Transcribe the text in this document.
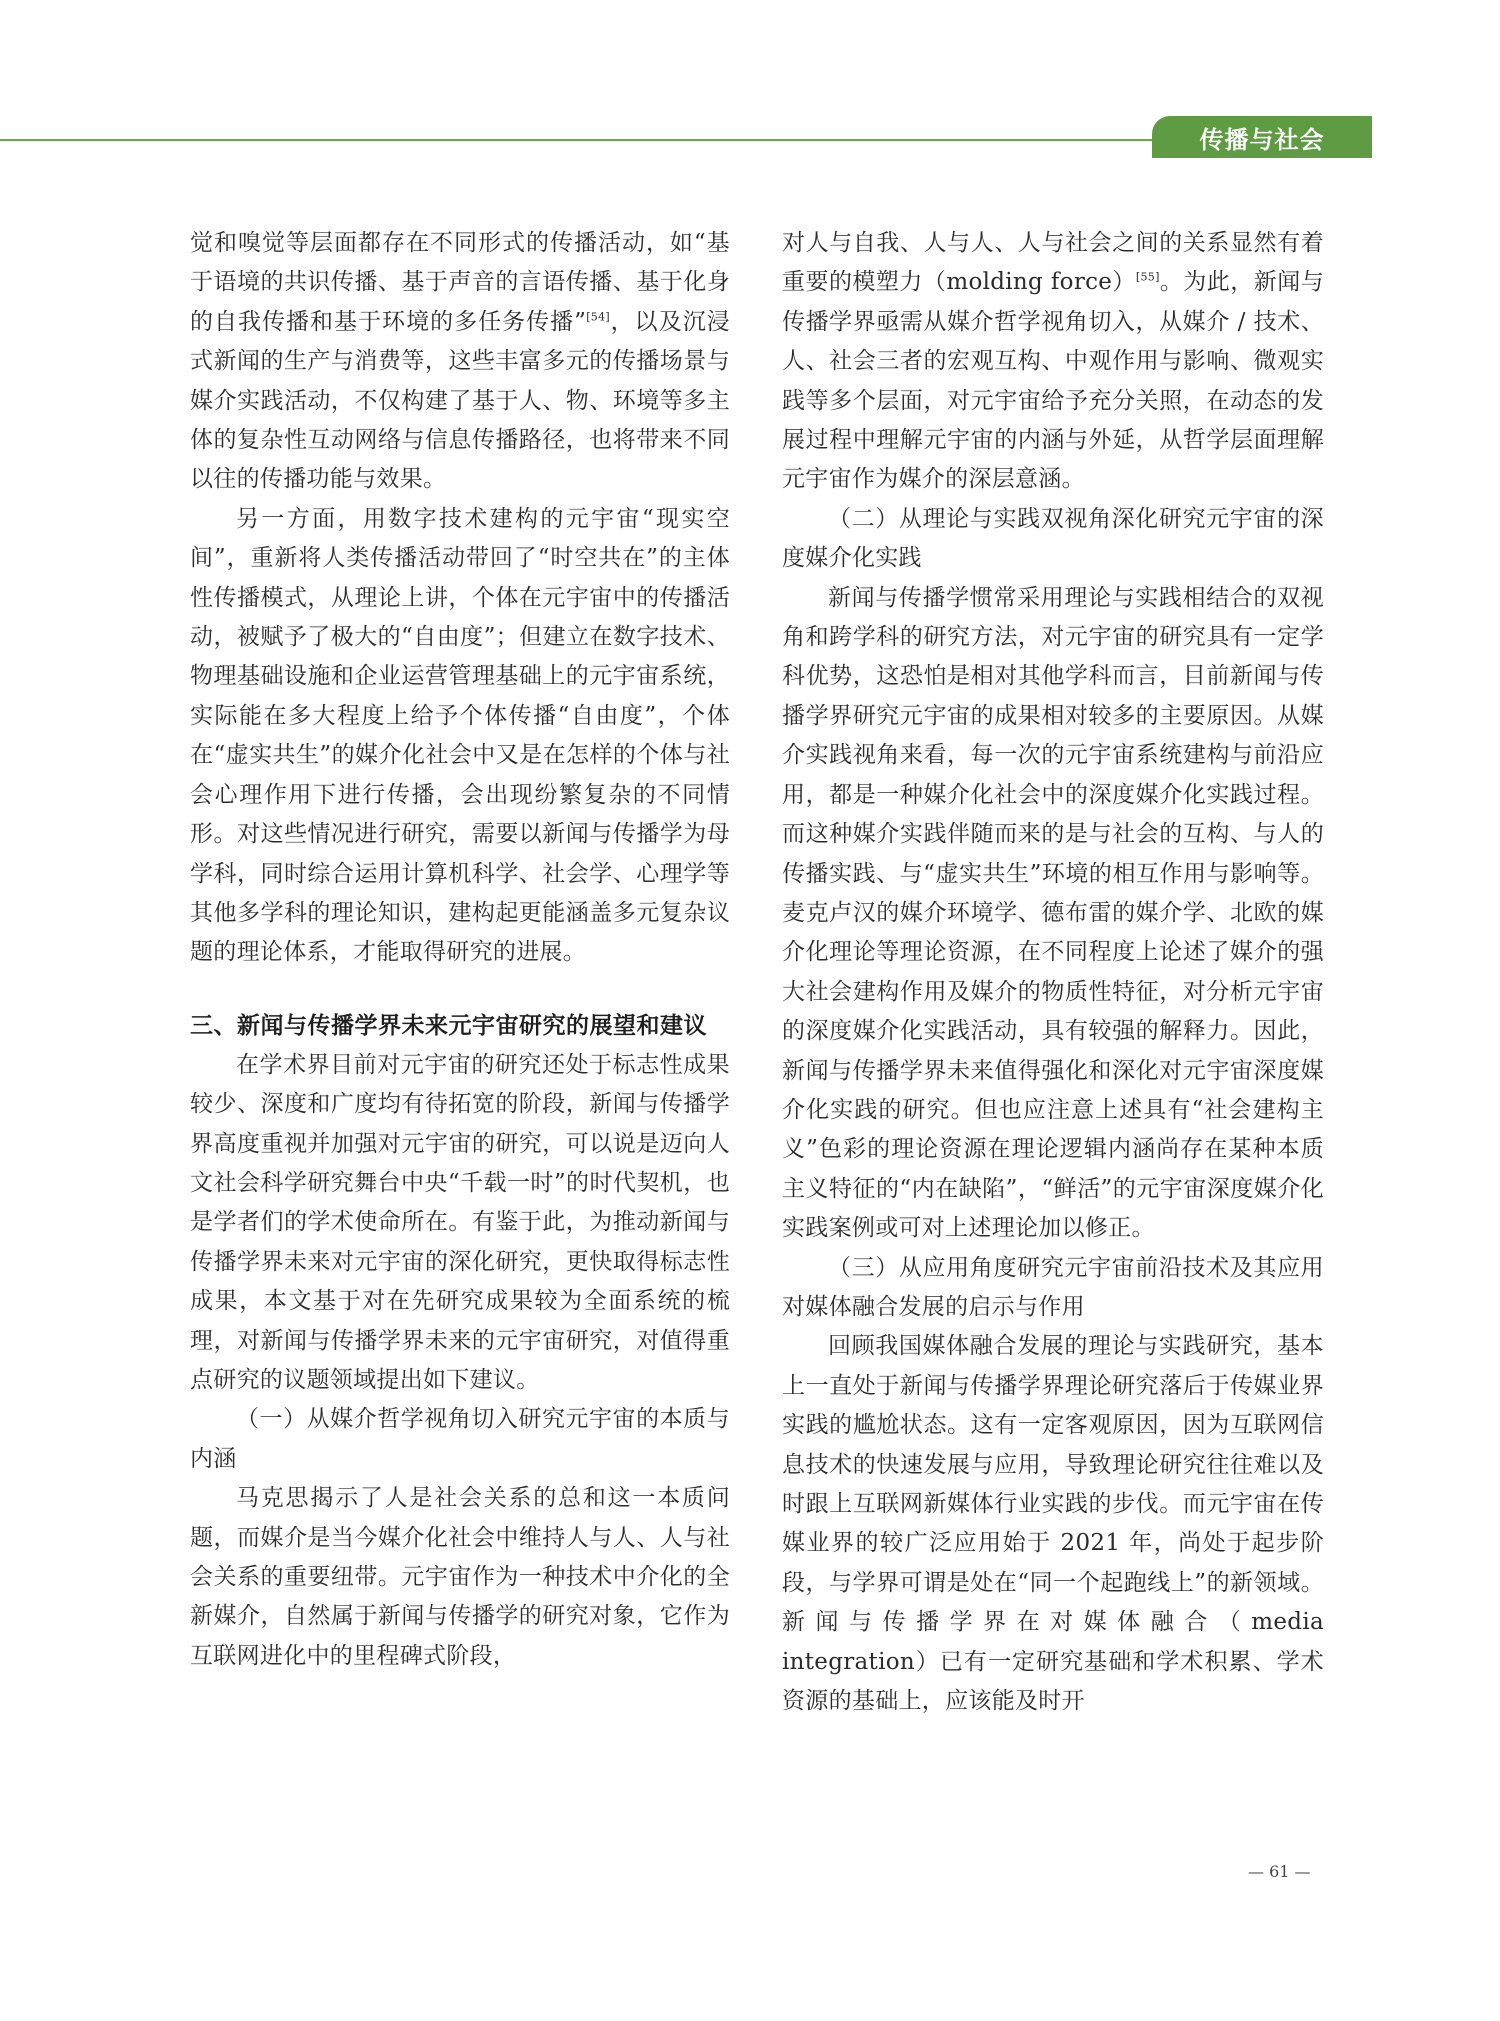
传播与社会

觉和嗅觉等层面都存在不同形式的传播活动，如“基于语境的共识传播、基于声音的言语传播、基于化身的自我传播和基于环境的多任务传播”[54]，以及沉浸式新闻的生产与消费等，这些丰富多元的传播场景与媒介实践活动，不仅构建了基于人、物、环境等多主体的复杂性互动网络与信息传播路径，也将带来不同以往的传播功能与效果。

另一方面，用数字技术建构的元宇宙“现实空间”，重新将人类传播活动带回了“时空共在”的主体性传播模式，从理论上讲，个体在元宇宙中的传播活动，被赋予了极大的“自由度”；但建立在数字技术、物理基础设施和企业运营管理基础上的元宇宙系统，实际能在多大程度上给予个体传播“自由度”，个体在“虚实共生”的媒介化社会中又是在怎样的个体与社会心理作用下进行传播，会出现纷繁复杂的不同情形。对这些情况进行研究，需要以新闻与传播学为母学科，同时综合运用计算机科学、社会学、心理学等其他多学科的理论知识，建构起更能涵盖多元复杂议题的理论体系，才能取得研究的进展。

三、新闻与传播学界未来元宇宙研究的展望和建议

在学术界目前对元宇宙的研究还处于标志性成果较少、深度和广度均有待拓宽的阶段，新闻与传播学界高度重视并加强对元宇宙的研究，可以说是迈向人文社会科学研究舞台中央“千载一时”的时代契机，也是学者们的学术使命所在。有鉴于此，为推动新闻与传播学界未来对元宇宙的深化研究，更快取得标志性成果，本文基于对在先研究成果较为全面系统的梳理，对新闻与传播学界未来的元宇宙研究，对值得重点研究的议题领域提出如下建议。

（一）从媒介哲学视角切入研究元宇宙的本质与内涵

马克思揭示了人是社会关系的总和这一本质问题，而媒介是当今媒介化社会中维持人与人、人与社会关系的重要纽带。元宇宙作为一种技术中介化的全新媒介，自然属于新闻与传播学的研究对象，它作为互联网进化中的里程碑式阶段，

对人与自我、人与人、人与社会之间的关系显然有着重要的模塑力（molding force）[55]。为此，新闻与传播学界亟需从媒介哲学视角切入，从媒介 / 技术、人、社会三者的宏观互构、中观作用与影响、微观实践等多个层面，对元宇宙给予充分关照，在动态的发展过程中理解元宇宙的内涵与外延，从哲学层面理解元宇宙作为媒介的深层意涵。

（二）从理论与实践双视角深化研究元宇宙的深度媒介化实践

新闻与传播学惯常采用理论与实践相结合的双视角和跨学科的研究方法，对元宇宙的研究具有一定学科优势，这恐怕是相对其他学科而言，目前新闻与传播学界研究元宇宙的成果相对较多的主要原因。从媒介实践视角来看，每一次的元宇宙系统建构与前沿应用，都是一种媒介化社会中的深度媒介化实践过程。而这种媒介实践伴随而来的是与社会的互构、与人的传播实践、与“虚实共生”环境的相互作用与影响等。麦克卢汉的媒介环境学、德布雷的媒介学、北欧的媒介化理论等理论资源，在不同程度上论述了媒介的强大社会建构作用及媒介的物质性特征，对分析元宇宙的深度媒介化实践活动，具有较强的解释力。因此，新闻与传播学界未来值得强化和深化对元宇宙深度媒介化实践的研究。但也应注意上述具有“社会建构主义”色彩的理论资源在理论逻辑内涵尚存在某种本质主义特征的“内在缺陷”，“鲜活”的元宇宙深度媒介化实践案例或可对上述理论加以修正。

（三）从应用角度研究元宇宙前沿技术及其应用对媒体融合发展的启示与作用

回顾我国媒体融合发展的理论与实践研究，基本上一直处于新闻与传播学界理论研究落后于传媒业界实践的尴尬状态。这有一定客观原因，因为互联网信息技术的快速发展与应用，导致理论研究往往难以及时跟上互联网新媒体行业实践的步伐。而元宇宙在传媒业界的较广泛应用始于 2021 年，尚处于起步阶段，与学界可谓是处在“同一个起跑线上”的新领域。新闻与传播学界在对媒体融合（media integration）已有一定研究基础和学术积累、学术资源的基础上，应该能及时开

— 61 —
